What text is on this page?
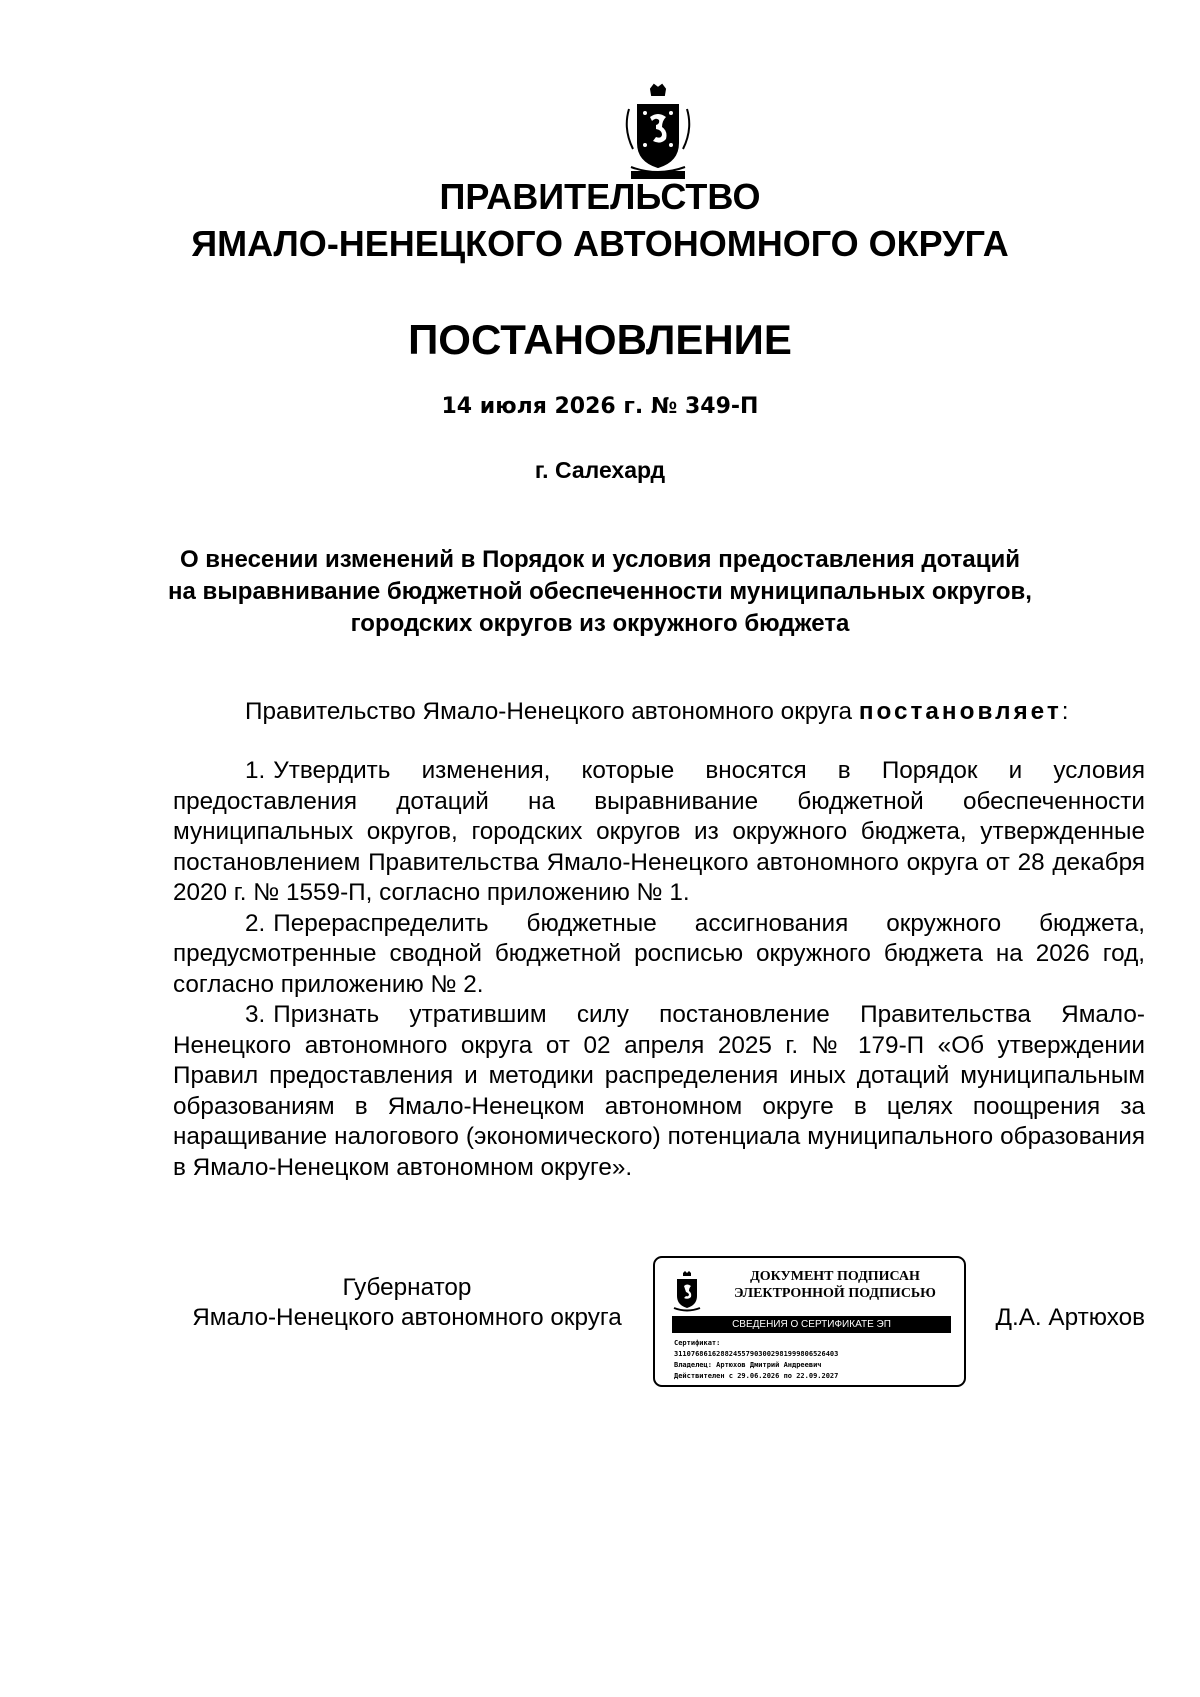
ПРАВИТЕЛЬСТВО
ЯМАЛО-НЕНЕЦКОГО АВТОНОМНОГО ОКРУГА
ПОСТАНОВЛЕНИЕ
14 июля 2026 г. № 349-П
г. Салехард
О внесении изменений в Порядок и условия предоставления дотаций
на выравнивание бюджетной обеспеченности муниципальных округов,
городских округов из окружного бюджета
Правительство Ямало-Ненецкого автономного округа постановляет:

1. Утвердить изменения, которые вносятся в Порядок и условия предоставления дотаций на выравнивание бюджетной обеспеченности муниципальных округов, городских округов из окружного бюджета, утвержденные постановлением Правительства Ямало-Ненецкого автономного округа от 28 декабря 2020 г. № 1559-П, согласно приложению № 1.

2. Перераспределить бюджетные ассигнования окружного бюджета, предусмотренные сводной бюджетной росписью окружного бюджета на 2026 год, согласно приложению № 2.

3. Признать утратившим силу постановление Правительства Ямало-Ненецкого автономного округа от 02 апреля 2025 г. № 179-П «Об утверждении Правил предоставления и методики распределения иных дотаций муниципальным образованиям в Ямало-Ненецком автономном округе в целях поощрения за наращивание налогового (экономического) потенциала муниципального образования в Ямало-Ненецком автономном округе».

Губернатор
Ямало-Ненецкого автономного округа	Д.А. Артюхов
ДОКУМЕНТ ПОДПИСАН
ЭЛЕКТРОННОЙ ПОДПИСЬЮ
СВЕДЕНИЯ О СЕРТИФИКАТЕ ЭП
Сертификат:
311076861628824557903002981999806526403
Владелец: Артюхов Дмитрий Андреевич
Действителен с 29.06.2026 по 22.09.2027
